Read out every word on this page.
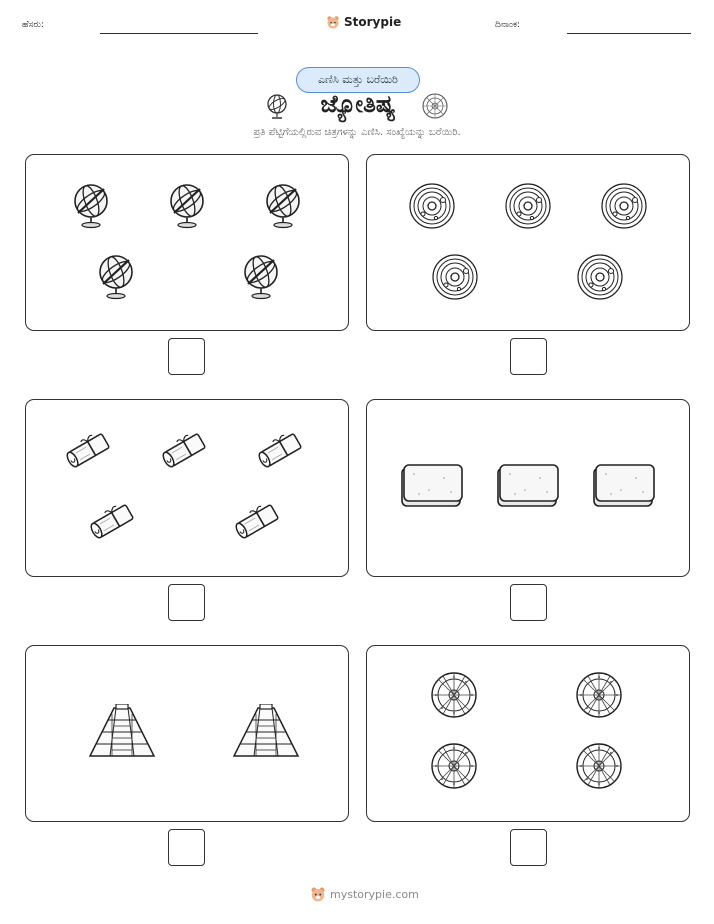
ಹೆಸರು:	Storypie	ದಿನಾಂಕ:
ಎಣಿಸಿ ಮತ್ತು ಬರೆಯಿರಿ
ಜ್ಯೋತಿಷ್ಯ
ಪ್ರತಿ ಪೆಟ್ಟಿಗೆಯಲ್ಲಿರುವ ಚಿತ್ರಗಳನ್ನು ಎಣಿಸಿ. ಸಂಖ್ಯೆಯನ್ನು ಬರೆಯಿರಿ.
mystorypie.com
